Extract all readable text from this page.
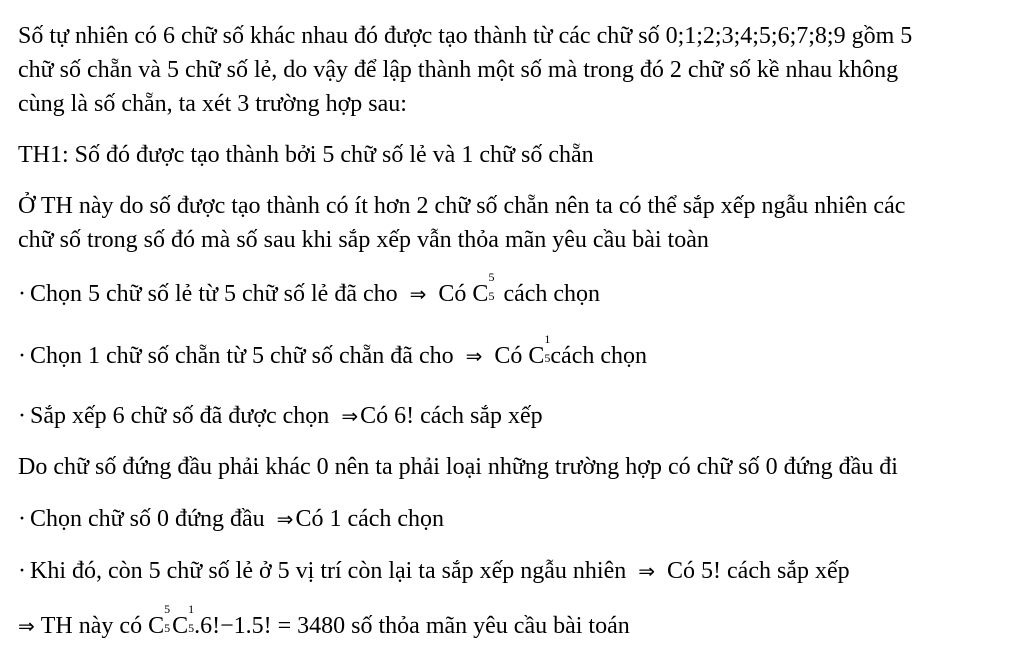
Số tự nhiên có 6 chữ số khác nhau đó được tạo thành từ các chữ số 0;1;2;3;4;5;6;7;8;9 gồm 5
chữ số chẵn và 5 chữ số lẻ, do vậy để lập thành một số mà trong đó 2 chữ số kề nhau không
cùng là số chẵn, ta xét 3 trường hợp sau:
TH1: Số đó được tạo thành bởi 5 chữ số lẻ và 1 chữ số chẵn
Ở TH này do số được tạo thành có ít hơn 2 chữ số chẵn nên ta có thể sắp xếp ngẫu nhiên các
chữ số trong số đó mà số sau khi sắp xếp vẫn thỏa mãn yêu cầu bài toàn
· Chọn 5 chữ số lẻ từ 5 chữ số lẻ đã cho ⇒ Có C
5
5 cách chọn
· Chọn 1 chữ số chẵn từ 5 chữ số chẵn đã cho ⇒ Có C
1
5 cách chọn
· Sắp xếp 6 chữ số đã được chọn ⇒Có 6! cách sắp xếp
Do chữ số đứng đầu phải khác 0 nên ta phải loại những trường hợp có chữ số 0 đứng đầu đi
· Chọn chữ số 0 đứng đầu ⇒Có 1 cách chọn
· Khi đó, còn 5 chữ số lẻ ở 5 vị trí còn lại ta sắp xếp ngẫu nhiên ⇒ Có 5! cách sắp xếp
⇒ TH này có C
5
5 C
1
5 .6!−1.5! = 3480 số thỏa mãn yêu cầu bài toán
